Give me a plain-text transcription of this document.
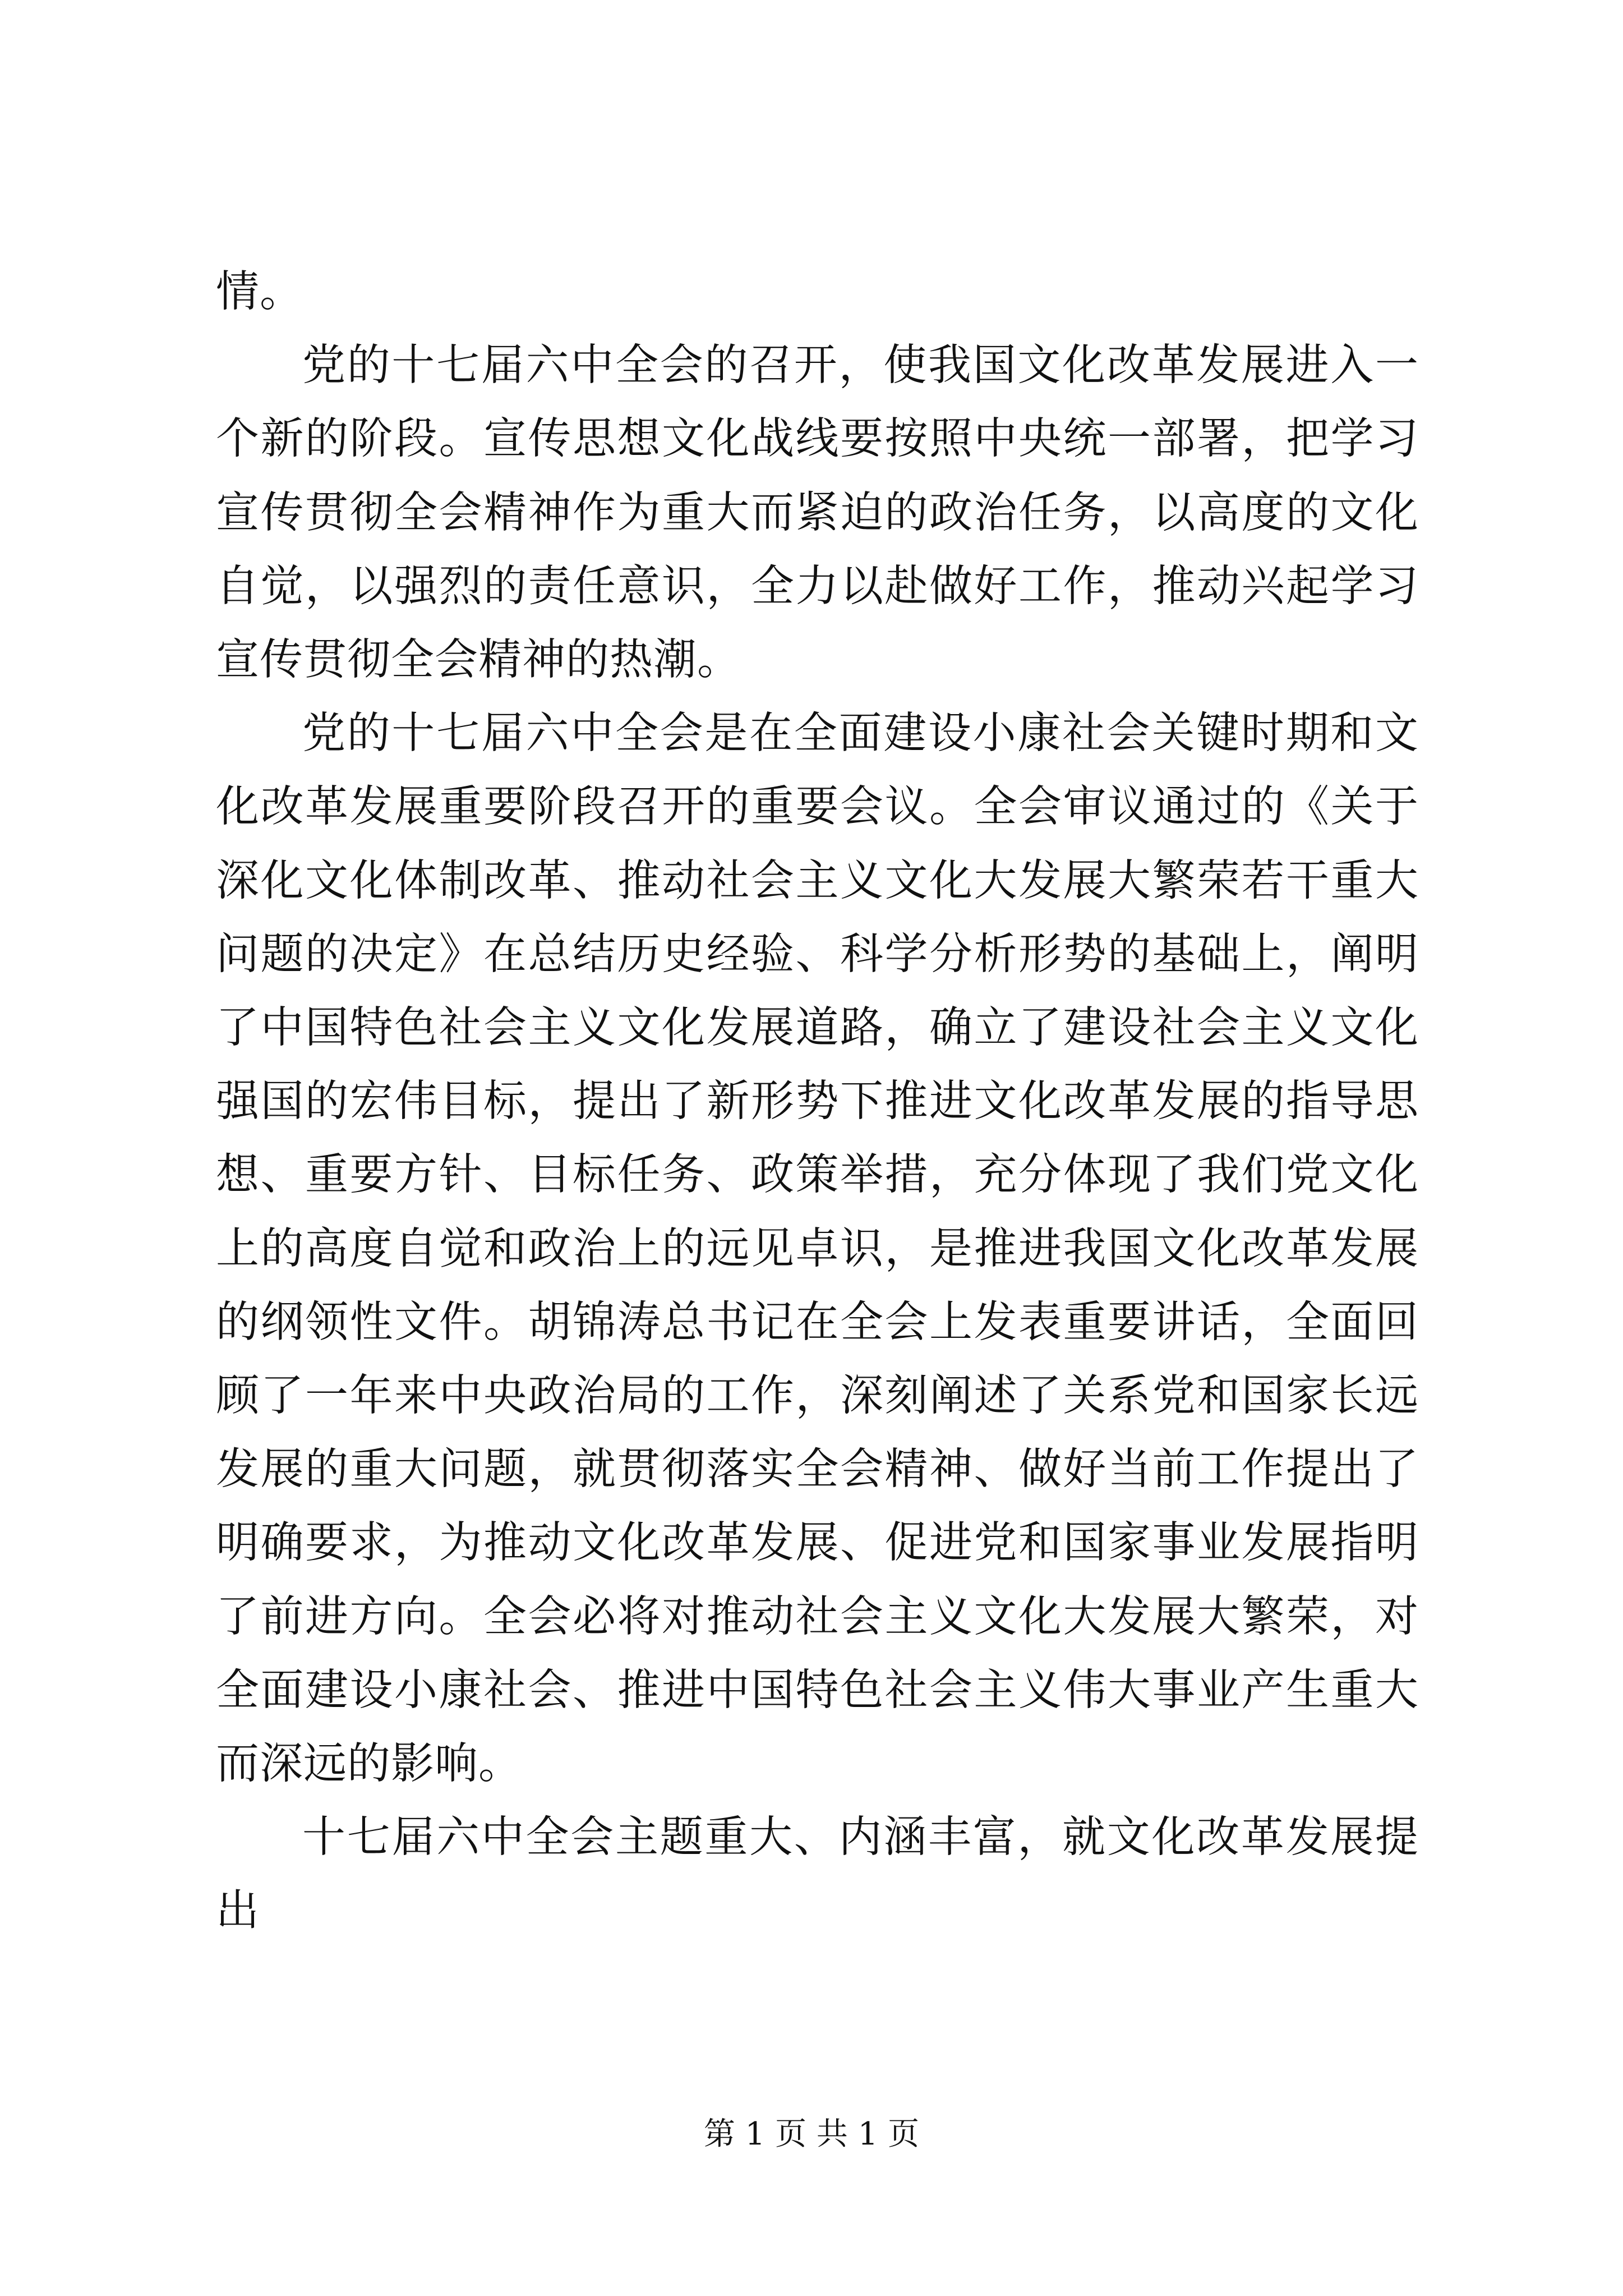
情。

党的十七届六中全会的召开，使我国文化改革发展进入一个新的阶段。宣传思想文化战线要按照中央统一部署，把学习宣传贯彻全会精神作为重大而紧迫的政治任务，以高度的文化自觉，以强烈的责任意识，全力以赴做好工作，推动兴起学习宣传贯彻全会精神的热潮。

党的十七届六中全会是在全面建设小康社会关键时期和文化改革发展重要阶段召开的重要会议。全会审议通过的《关于深化文化体制改革、推动社会主义文化大发展大繁荣若干重大问题的决定》在总结历史经验、科学分析形势的基础上，阐明了中国特色社会主义文化发展道路，确立了建设社会主义文化强国的宏伟目标，提出了新形势下推进文化改革发展的指导思想、重要方针、目标任务、政策举措，充分体现了我们党文化上的高度自觉和政治上的远见卓识，是推进我国文化改革发展的纲领性文件。胡锦涛总书记在全会上发表重要讲话，全面回顾了一年来中央政治局的工作，深刻阐述了关系党和国家长远发展的重大问题，就贯彻落实全会精神、做好当前工作提出了明确要求，为推动文化改革发展、促进党和国家事业发展指明了前进方向。全会必将对推动社会主义文化大发展大繁荣，对全面建设小康社会、推进中国特色社会主义伟大事业产生重大而深远的影响。

十七届六中全会主题重大、内涵丰富，就文化改革发展提出

第 1 页 共 1 页
